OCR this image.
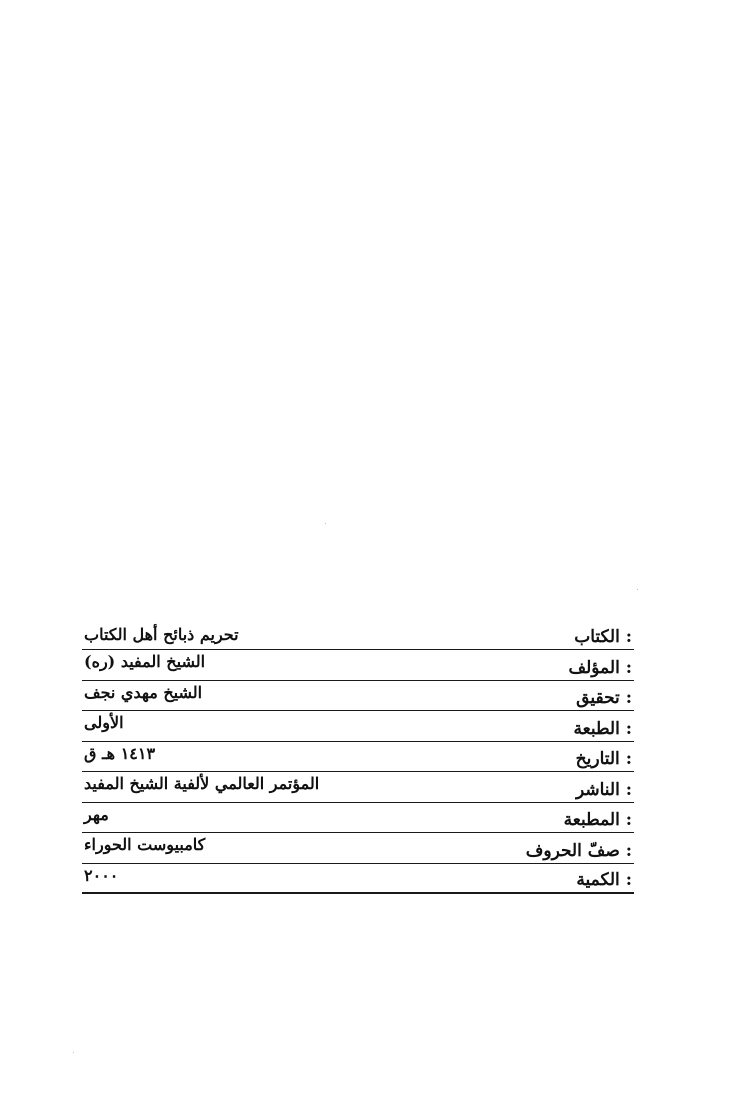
الكتاب :
تحريم ذبائح أهل الكتاب
المؤلف :
الشيخ المفيد (ره)
تحقيق :
الشيخ مهدي نجف
الطبعة :
الأولى
التاريخ :
١٤١٣ هـ ق
الناشر :
المؤتمر العالمي لألفية الشيخ المفيد
المطبعة :
مهر
صفّ الحروف :
كامبيوست الحوراء
الكمية :
٢٠٠٠
